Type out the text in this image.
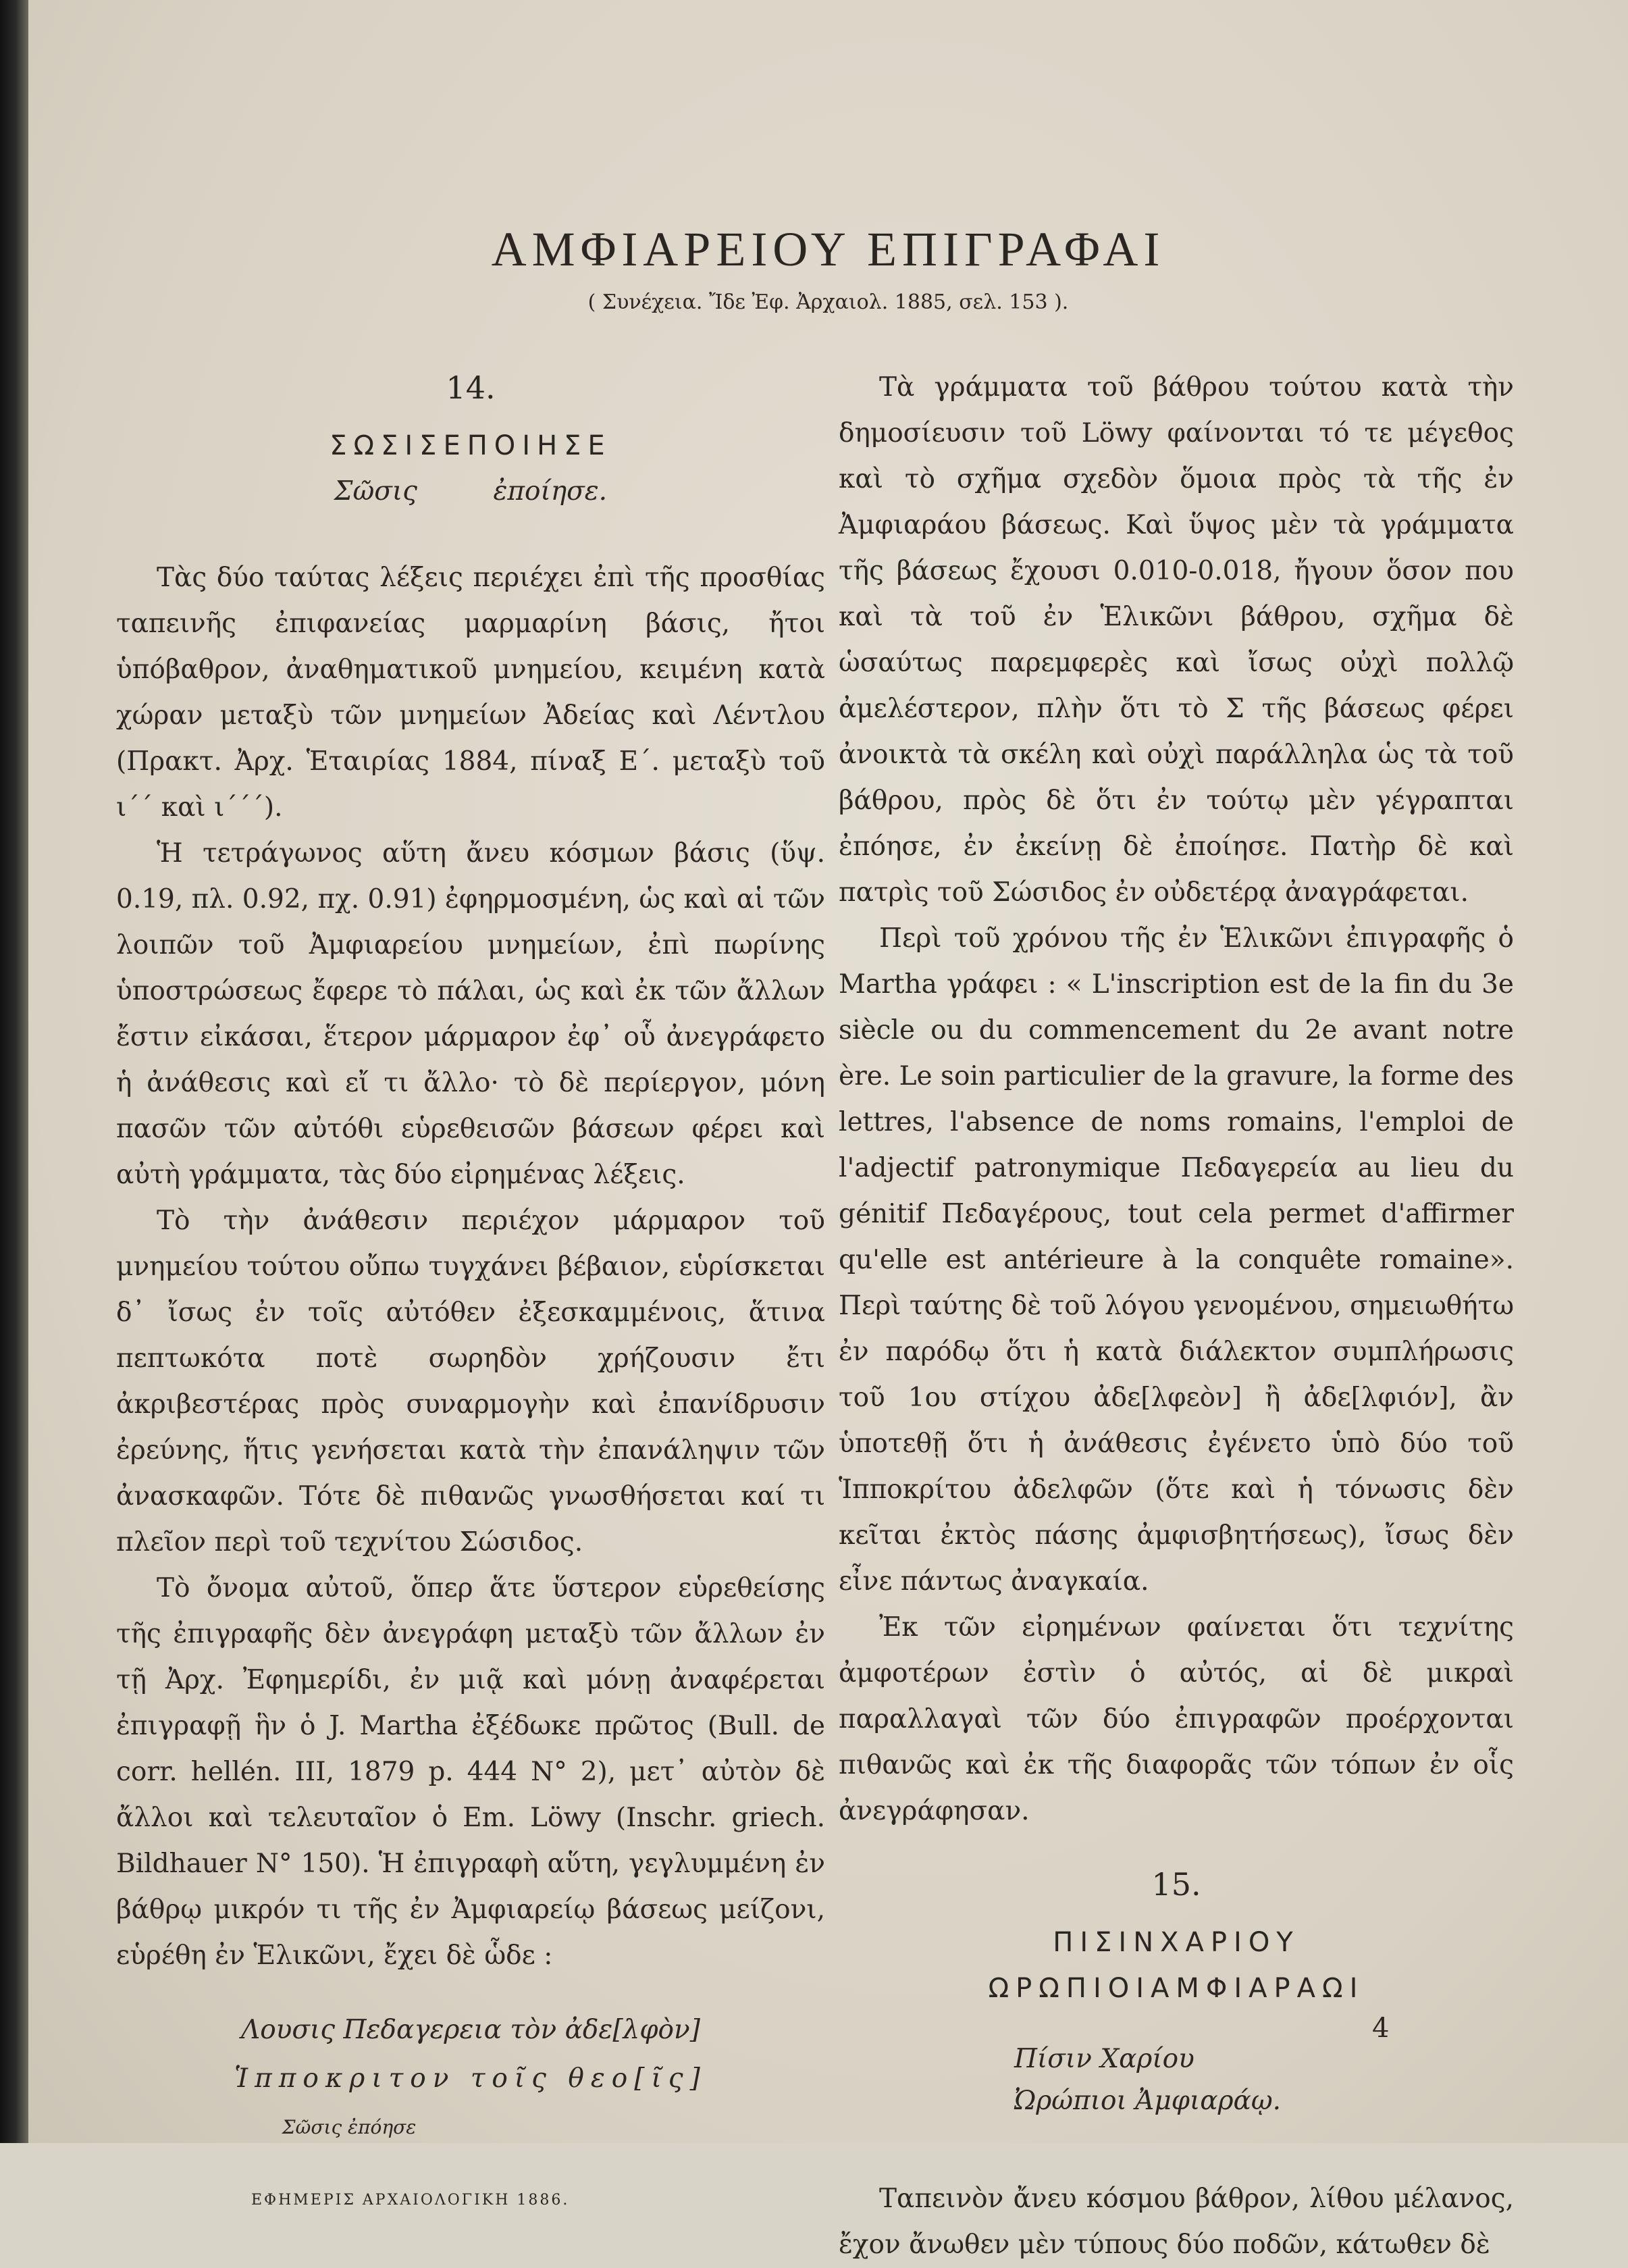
ΑΜΦΙΑΡΕΙΟΥ ΕΠΙΓΡΑΦΑΙ
( Συνέχεια. Ἴδε Ἐφ. Ἀρχαιολ. 1885, σελ. 153 ).
14.
ΣΩΣΙΣΕΠΟΙΗΣΕ
Σῶσις	ἐποίησε.

Τὰς δύο ταύτας λέξεις περιέχει ἐπὶ τῆς προσθίας ταπεινῆς ἐπιφανείας μαρμαρίνη βάσις, ἤτοι ὑπόβαθρον, ἀναθηματικοῦ μνημείου, κειμένη κατὰ χώραν μεταξὺ τῶν μνημείων Ἀδείας καὶ Λέντλου (Πρακτ. Ἀρχ. Ἑταιρίας 1884, πίναξ Ε΄. μεταξὺ τοῦ ι΄΄ καὶ ι΄΄΄).

Ἡ τετράγωνος αὕτη ἄνευ κόσμων βάσις (ὕψ. 0.19, πλ. 0.92, πχ. 0.91) ἐφηρμοσμένη, ὡς καὶ αἱ τῶν λοιπῶν τοῦ Ἀμφιαρείου μνημείων, ἐπὶ πωρίνης ὑποστρώσεως ἔφερε τὸ πάλαι, ὡς καὶ ἐκ τῶν ἄλλων ἔστιν εἰκάσαι, ἕτερον μάρμαρον ἐφ᾽ οὗ ἀνεγράφετο ἡ ἀνάθεσις καὶ εἴ τι ἄλλο· τὸ δὲ περίεργον, μόνη πασῶν τῶν αὐτόθι εὑρεθεισῶν βάσεων φέρει καὶ αὐτὴ γράμματα, τὰς δύο εἰρημένας λέξεις.

Τὸ τὴν ἀνάθεσιν περιέχον μάρμαρον τοῦ μνημείου τούτου οὔπω τυγχάνει βέβαιον, εὑρίσκεται δ᾽ ἴσως ἐν τοῖς αὐτόθεν ἐξεσκαμμένοις, ἅτινα πεπτωκότα ποτὲ σωρηδὸν χρήζουσιν ἔτι ἀκριβεστέρας πρὸς συναρμογὴν καὶ ἐπανίδρυσιν ἐρεύνης, ἥτις γενήσεται κατὰ τὴν ἐπανάληψιν τῶν ἀνασκαφῶν. Τότε δὲ πιθανῶς γνωσθήσεται καί τι πλεῖον περὶ τοῦ τεχνίτου Σώσιδος.

Τὸ ὄνομα αὐτοῦ, ὅπερ ἅτε ὕστερον εὑρεθείσης τῆς ἐπιγραφῆς δὲν ἀνεγράφη μεταξὺ τῶν ἄλλων ἐν τῇ Ἀρχ. Ἐφημερίδι, ἐν μιᾷ καὶ μόνῃ ἀναφέρεται ἐπιγραφῇ ἣν ὁ J. Martha ἐξέδωκε πρῶτος (Bull. de corr. hellén. III, 1879 p. 444 N° 2), μετ᾽ αὐτὸν δὲ ἄλλοι καὶ τελευταῖον ὁ Em. Löwy (Inschr. griech. Bildhauer N° 150). Ἡ ἐπιγραφὴ αὕτη, γεγλυμμένη ἐν βάθρῳ μικρόν τι τῆς ἐν Ἀμφιαρείῳ βάσεως μείζονι, εὑρέθη ἐν Ἑλικῶνι, ἔχει δὲ ὧδε :

Λουσις Πεδαγερεια τὸν ἀδε[λφὸν]
Ἱπποκριτον τοῖς θεο[ῖς]
Σῶσις ἐπόησε
ΕΦΗΜΕΡΙΣ ΑΡΧΑΙΟΛΟΓΙΚΗ 1886.

Τὰ γράμματα τοῦ βάθρου τούτου κατὰ τὴν δημοσίευσιν τοῦ Löwy φαίνονται τό τε μέγεθος καὶ τὸ σχῆμα σχεδὸν ὅμοια πρὸς τὰ τῆς ἐν Ἀμφιαράου βάσεως. Καὶ ὕψος μὲν τὰ γράμματα τῆς βάσεως ἔχουσι 0.010-0.018, ἤγουν ὅσον που καὶ τὰ τοῦ ἐν Ἑλικῶνι βάθρου, σχῆμα δὲ ὡσαύτως παρεμφερὲς καὶ ἴσως οὐχὶ πολλῷ ἀμελέστερον, πλὴν ὅτι τὸ Σ τῆς βάσεως φέρει ἀνοικτὰ τὰ σκέλη καὶ οὐχὶ παράλληλα ὡς τὰ τοῦ βάθρου, πρὸς δὲ ὅτι ἐν τούτῳ μὲν γέγραπται ἐπόησε, ἐν ἐκείνῃ δὲ ἐποίησε. Πατὴρ δὲ καὶ πατρὶς τοῦ Σώσιδος ἐν οὐδετέρᾳ ἀναγράφεται.

Περὶ τοῦ χρόνου τῆς ἐν Ἑλικῶνι ἐπιγραφῆς ὁ Martha γράφει : « L'inscription est de la fin du 3e siècle ou du commencement du 2e avant notre ère. Le soin particulier de la gravure, la forme des lettres, l'absence de noms romains, l'emploi de l'adjectif patronymique Πεδαγερεία au lieu du génitif Πεδαγέρους, tout cela permet d'affirmer qu'elle est antérieure à la conquête romaine». Περὶ ταύτης δὲ τοῦ λόγου γενομένου, σημειωθήτω ἐν παρόδῳ ὅτι ἡ κατὰ διάλεκτον συμπλήρωσις τοῦ 1ου στίχου ἀδε[λφεὸν] ἢ ἀδε[λφιόν], ἂν ὑποτεθῇ ὅτι ἡ ἀνάθεσις ἐγένετο ὑπὸ δύο τοῦ Ἱπποκρίτου ἀδελφῶν (ὅτε καὶ ἡ τόνωσις δὲν κεῖται ἐκτὸς πάσης ἀμφισβητήσεως), ἴσως δὲν εἶνε πάντως ἀναγκαία.

Ἐκ τῶν εἰρημένων φαίνεται ὅτι τεχνίτης ἀμφοτέρων ἐστὶν ὁ αὐτός, αἱ δὲ μικραὶ παραλλαγαὶ τῶν δύο ἐπιγραφῶν προέρχονται πιθανῶς καὶ ἐκ τῆς διαφορᾶς τῶν τόπων ἐν οἷς ἀνεγράφησαν.

15.
ΠΙΣΙΝΧΑΡΙΟΥ
ΩΡΩΠΙΟΙΑΜΦΙΑΡΑΩΙ
Πίσιν Χαρίου
Ὠρώπιοι Ἀμφιαράῳ.

Ταπεινὸν ἄνευ κόσμου βάθρον, λίθου μέλανος, ἔχον ἄνωθεν μὲν τύπους δύο ποδῶν, κάτωθεν δὲ

4
